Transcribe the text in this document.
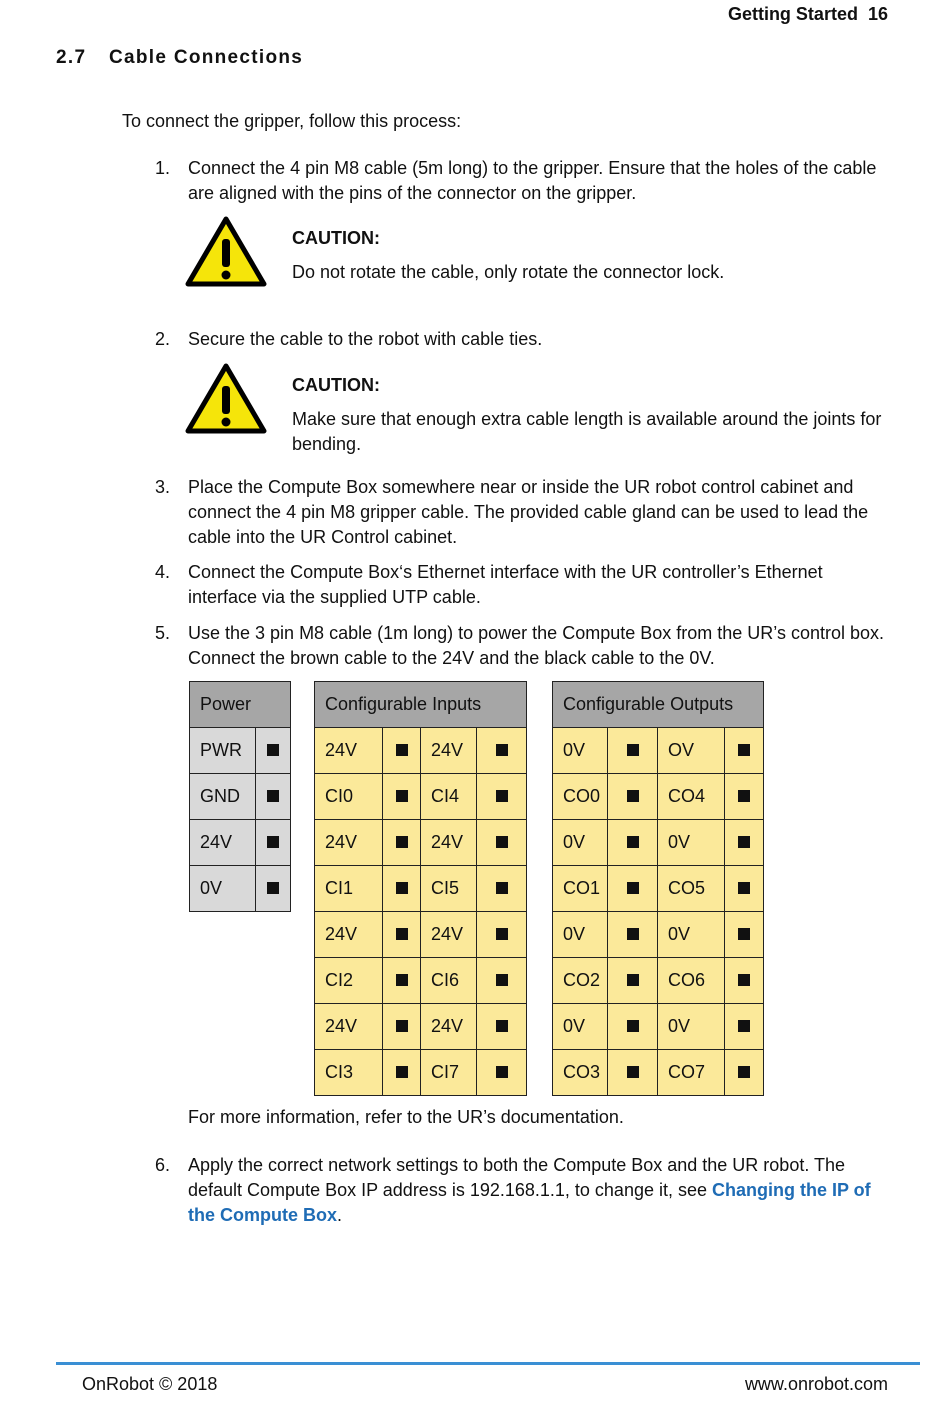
Getting Started 16
2.7 Cable Connections
To connect the gripper, follow this process:
1. Connect the 4 pin M8 cable (5m long) to the gripper. Ensure that the holes of the cable are aligned with the pins of the connector on the gripper.
CAUTION:
Do not rotate the cable, only rotate the connector lock.
2. Secure the cable to the robot with cable ties.
CAUTION:
Make sure that enough extra cable length is available around the joints for bending.
3. Place the Compute Box somewhere near or inside the UR robot control cabinet and connect the 4 pin M8 gripper cable. The provided cable gland can be used to lead the cable into the UR Control cabinet.
4. Connect the Compute Box‘s Ethernet interface with the UR controller’s Ethernet interface via the supplied UTP cable.
5. Use the 3 pin M8 cable (1m long) to power the Compute Box from the UR’s control box. Connect the brown cable to the 24V and the black cable to the 0V.
Power	
PWR	
GND	
24V	
0V	
Configurable Inputs			
24V		24V	
CI0		CI4	
24V		24V	
CI1		CI5	
24V		24V	
CI2		CI6	
24V		24V	
CI3		CI7	
Configurable Outputs			
0V		OV	
CO0		CO4	
0V		0V	
CO1		CO5	
0V		0V	
CO2		CO6	
0V		0V	
CO3		CO7	
For more information, refer to the UR’s documentation.
6. Apply the correct network settings to both the Compute Box and the UR robot. The default Compute Box IP address is 192.168.1.1, to change it, see Changing the IP of the Compute Box.
OnRobot © 2018	www.onrobot.com
